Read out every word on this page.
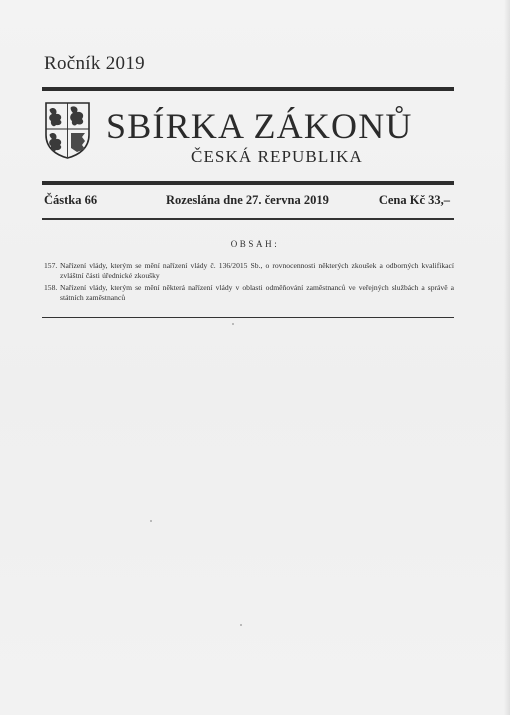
Ročník 2019
SBÍRKA ZÁKONŮ
ČESKÁ REPUBLIKA
Částka 66	Rozeslána dne 27. června 2019	Cena Kč 33,–
OBSAH:
157. Nařízení vlády, kterým se mění nařízení vlády č. 136/2015 Sb., o rovnocennosti některých zkoušek a odborných kvalifikací zvláštní části úřednické zkoušky
158. Nařízení vlády, kterým se mění některá nařízení vlády v oblasti odměňování zaměstnanců ve veřejných službách a správě a státních zaměstnanců
